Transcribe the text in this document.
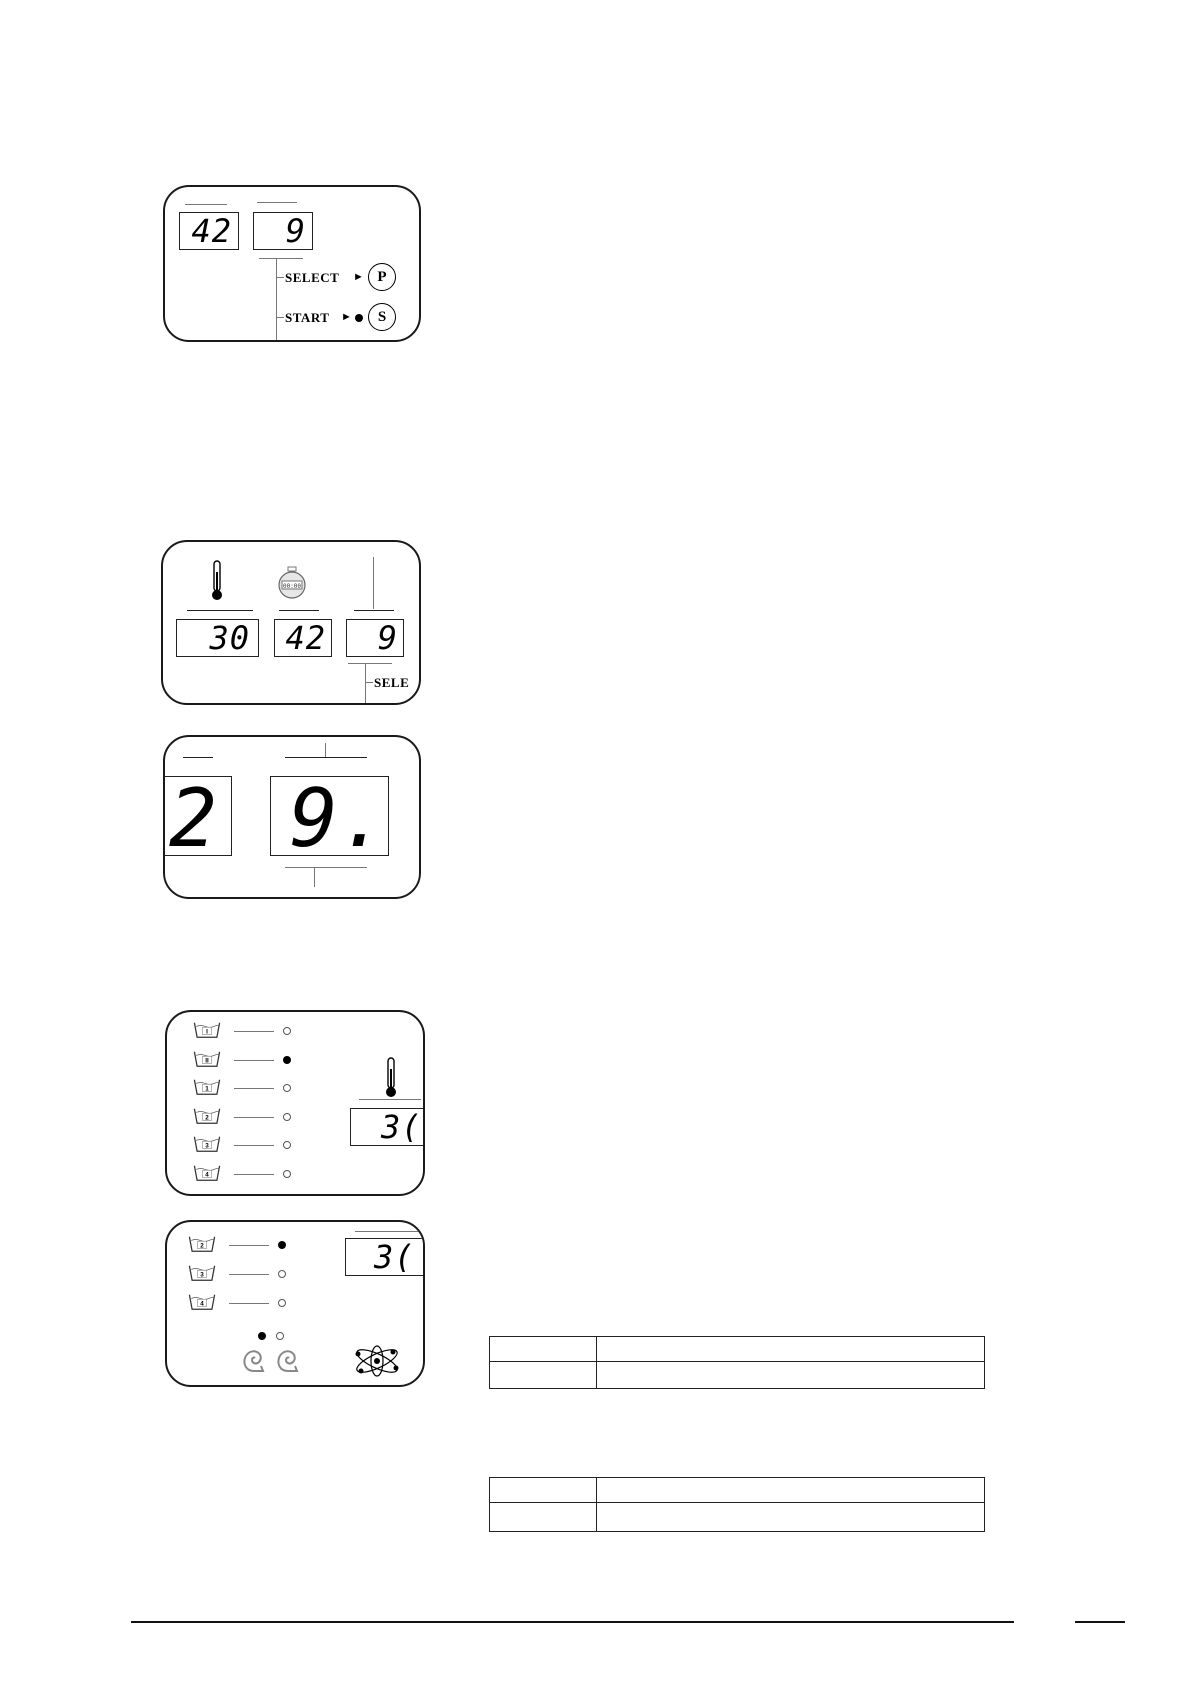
42 9
SELECT ► P
START ►	S
00:00
30 42 9
SELE
2 9.
I
II
1
2
3
4
3(
2
3
4
3(
